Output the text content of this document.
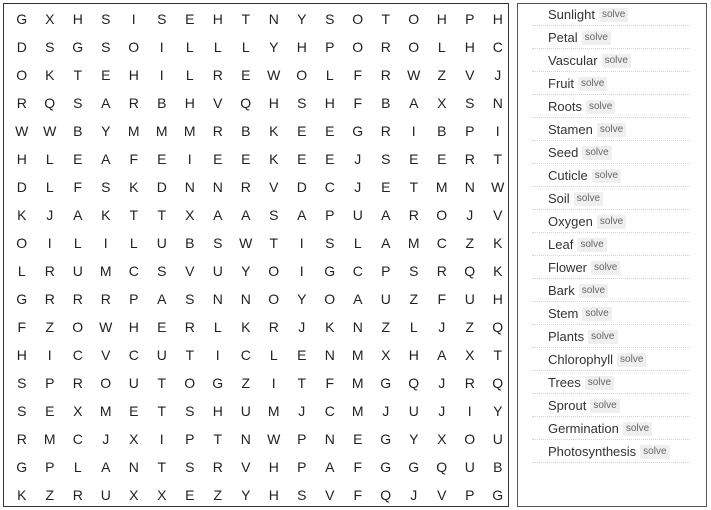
G	X	H	S	I	S	E	H	T	N	Y	S	O	T	O	H	P	H
D	S	G	S	O	I	L	L	L	Y	H	P	O	R	O	L	H	C
O	K	T	E	H	I	L	R	E	W	O	L	F	R	W	Z	V	J
R	Q	S	A	R	B	H	V	Q	H	S	H	F	B	A	X	S	N
W	W	B	Y	M	M	M	R	B	K	E	E	G	R	I	B	P	I
H	L	E	A	F	E	I	E	E	K	E	E	J	S	E	E	R	T
D	L	F	S	K	D	N	N	R	V	D	C	J	E	T	M	N	W
K	J	A	K	T	T	X	A	A	S	A	P	U	A	R	O	J	V
O	I	L	I	L	U	B	S	W	T	I	S	L	A	M	C	Z	K
L	R	U	M	C	S	V	U	Y	O	I	G	C	P	S	R	Q	K
G	R	R	R	P	A	S	N	N	O	Y	O	A	U	Z	F	U	H
F	Z	O	W	H	E	R	L	K	R	J	K	N	Z	L	J	Z	Q
H	I	C	V	C	U	T	I	C	L	E	N	M	X	H	A	X	T
S	P	R	O	U	T	O	G	Z	I	T	F	M	G	Q	J	R	Q
S	E	X	M	E	T	S	H	U	M	J	C	M	J	U	J	I	Y
R	M	C	J	X	I	P	T	N	W	P	N	E	G	Y	X	O	U
G	P	L	A	N	T	S	R	V	H	P	A	F	G	G	Q	U	B
K	Z	R	U	X	X	E	Z	Y	H	S	V	F	Q	J	V	P	G
Sunlight solve
Petal solve
Vascular solve
Fruit solve
Roots solve
Stamen solve
Seed solve
Cuticle solve
Soil solve
Oxygen solve
Leaf solve
Flower solve
Bark solve
Stem solve
Plants solve
Chlorophyll solve
Trees solve
Sprout solve
Germination solve
Photosynthesis solve
